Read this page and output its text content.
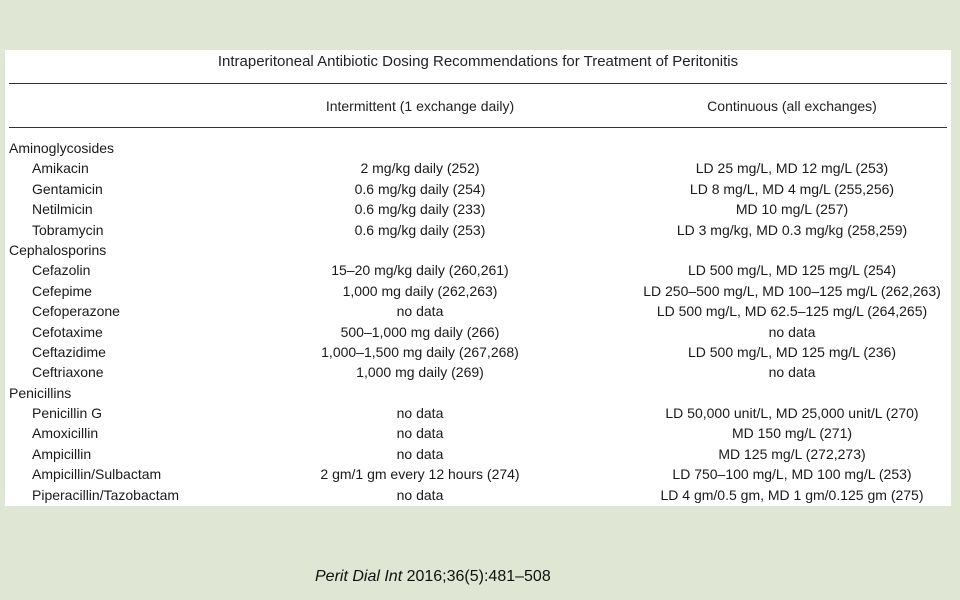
Intraperitoneal Antibiotic Dosing Recommendations for Treatment of Peritonitis
Intermittent (1 exchange daily)	Continuous (all exchanges)
Aminoglycosides
Amikacin	2 mg/kg daily (252)	LD 25 mg/L, MD 12 mg/L (253)
Gentamicin	0.6 mg/kg daily (254)	LD 8 mg/L, MD 4 mg/L (255,256)
Netilmicin	0.6 mg/kg daily (233)	MD 10 mg/L (257)
Tobramycin	0.6 mg/kg daily (253)	LD 3 mg/kg, MD 0.3 mg/kg (258,259)
Cephalosporins
Cefazolin	15–20 mg/kg daily (260,261)	LD 500 mg/L, MD 125 mg/L (254)
Cefepime	1,000 mg daily (262,263)	LD 250–500 mg/L, MD 100–125 mg/L (262,263)
Cefoperazone	no data	LD 500 mg/L, MD 62.5–125 mg/L (264,265)
Cefotaxime	500–1,000 mg daily (266)	no data
Ceftazidime	1,000–1,500 mg daily (267,268)	LD 500 mg/L, MD 125 mg/L (236)
Ceftriaxone	1,000 mg daily (269)	no data
Penicillins
Penicillin G	no data	LD 50,000 unit/L, MD 25,000 unit/L (270)
Amoxicillin	no data	MD 150 mg/L (271)
Ampicillin	no data	MD 125 mg/L (272,273)
Ampicillin/Sulbactam	2 gm/1 gm every 12 hours (274)	LD 750–100 mg/L, MD 100 mg/L (253)
Piperacillin/Tazobactam	no data	LD 4 gm/0.5 gm, MD 1 gm/0.125 gm (275)
Perit Dial Int 2016;36(5):481–508
